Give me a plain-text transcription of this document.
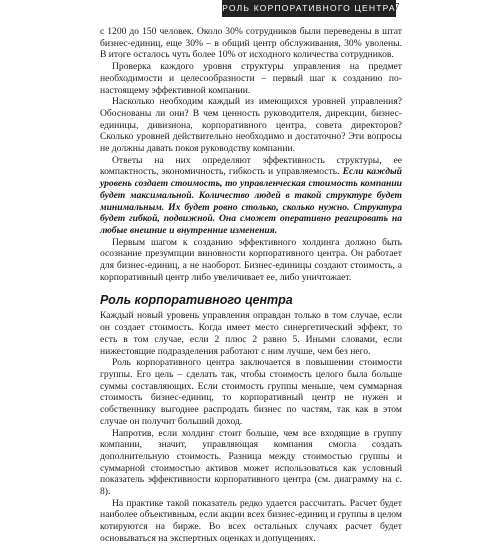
РОЛЬ КОРПОРАТИВНОГО ЦЕНТРА
7

с 1200 до 150 человек. Около 30% сотрудников были переведены в штат бизнес-единиц, еще 30% – в общий центр обслуживания, 30% уволены. В итоге осталось чуть более 10% от исходного количества сотрудников.

Проверка каждого уровня структуры управления на предмет необходимости и целесообразности – первый шаг к созданию по-настоящему эффективной компании.

Насколько необходим каждый из имеющихся уровней управления? Обоснованы ли они? В чем ценность руководителя, дирекции, бизнес-единицы, дивизиона, корпоративного центра, совета директоров? Сколько уровней действительно необходимо и достаточно? Эти вопросы не должны давать покоя руководству компании.

Ответы на них определяют эффективность структуры, ее компактность, экономичность, гибкость и управляемость. Если каждый уровень создает стоимость, то управленческая стоимость компании будет максимальной. Количество людей в такой структуре будет минимальным. Их будет ровно столько, сколько нужно. Структура будет гибкой, подвижной. Она сможет оперативно реагировать на любые внешние и внутренние изменения.

Первым шагом к созданию эффективного холдинга должно быть осознание презумпции виновности корпоративного центра. Он работает для бизнес-единиц, а не наоборот. Бизнес-единицы создают стоимость, а корпоративный центр либо увеличивает ее, либо уничтожает.

Роль корпоративного центра

Каждый новый уровень управления оправдан только в том случае, если он создает стоимость. Когда имеет место синергетический эффект, то есть в том случае, если 2 плюс 2 равно 5. Иными словами, если нижестоящие подразделения работают с ним лучше, чем без него.

Роль корпоративного центра заключается в повышении стоимости группы. Его цель – сделать так, чтобы стоимость целого была больше суммы составляющих. Если стоимость группы меньше, чем суммарная стоимость бизнес-единиц, то корпоративный центр не нужен и собственнику выгоднее распродать бизнес по частям, так как в этом случае он получит больший доход.

Напротив, если холдинг стоит больше, чем все входящие в группу компании, значит, управляющая компания смогла создать дополнительную стоимость. Разница между стоимостью группы и суммарной стоимостью активов может использоваться как условный показатель эффективности корпоративного центра (см. диаграмму на с. 8).

На практике такой показатель редко удается рассчитать. Расчет будет наиболее объективным, если акции всех бизнес-единиц и группы в целом котируются на бирже. Во всех остальных случаях расчет будет основываться на экспертных оценках и допущениях.
